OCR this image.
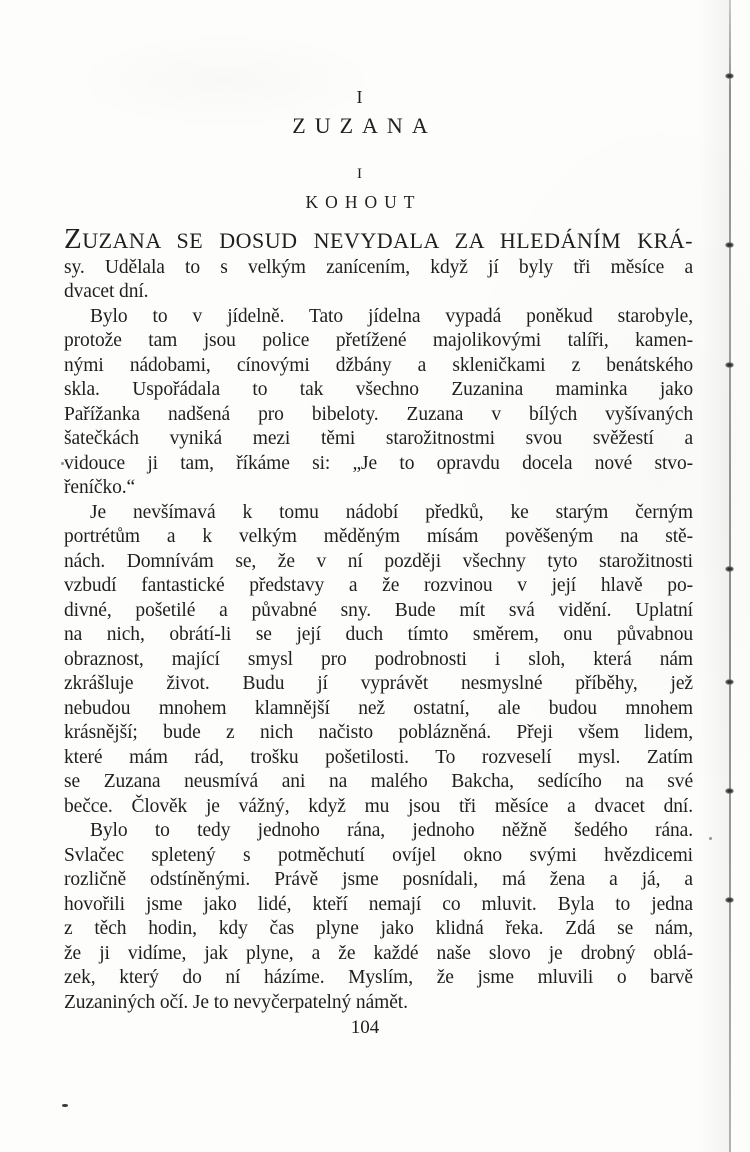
I
ZUZANA
I
KOHOUT
ZUZANA SE DOSUD NEVYDALA ZA HLEDÁNÍM KRÁ-
sy. Udělala to s velkým zanícením, když jí byly tři měsíce a
dvacet dní.
Bylo to v jídelně. Tato jídelna vypadá poněkud starobyle,
protože tam jsou police přetížené majolikovými talíři, kamen-
nými nádobami, cínovými džbány a skleničkami z benátského
skla. Uspořádala to tak všechno Zuzanina maminka jako
Pařížanka nadšená pro bibeloty. Zuzana v bílých vyšívaných
šatečkách vyniká mezi těmi starožitnostmi svou svěžestí a
vidouce ji tam, říkáme si: „Je to opravdu docela nové stvo-
řeníčko.“
Je nevšímavá k tomu nádobí předků, ke starým černým
portrétům a k velkým měděným mísám pověšeným na stě-
nách. Domnívám se, že v ní později všechny tyto starožitnosti
vzbudí fantastické představy a že rozvinou v její hlavě po-
divné, pošetilé a půvabné sny. Bude mít svá vidění. Uplatní
na nich, obrátí-li se její duch tímto směrem, onu půvabnou
obraznost, mající smysl pro podrobnosti i sloh, která nám
zkrášluje život. Budu jí vyprávět nesmyslné příběhy, jež
nebudou mnohem klamnější než ostatní, ale budou mnohem
krásnější; bude z nich načisto poblázněná. Přeji všem lidem,
které mám rád, trošku pošetilosti. To rozveselí mysl. Zatím
se Zuzana neusmívá ani na malého Bakcha, sedícího na své
bečce. Člověk je vážný, když mu jsou tři měsíce a dvacet dní.
Bylo to tedy jednoho rána, jednoho něžně šedého rána.
Svlačec spletený s potměchutí ovíjel okno svými hvězdicemi
rozličně odstíněnými. Právě jsme posnídali, má žena a já, a
hovořili jsme jako lidé, kteří nemají co mluvit. Byla to jedna
z těch hodin, kdy čas plyne jako klidná řeka. Zdá se nám,
že ji vidíme, jak plyne, a že každé naše slovo je drobný oblá-
zek, který do ní házíme. Myslím, že jsme mluvili o barvě
Zuzaniných očí. Je to nevyčerpatelný námět.
104
